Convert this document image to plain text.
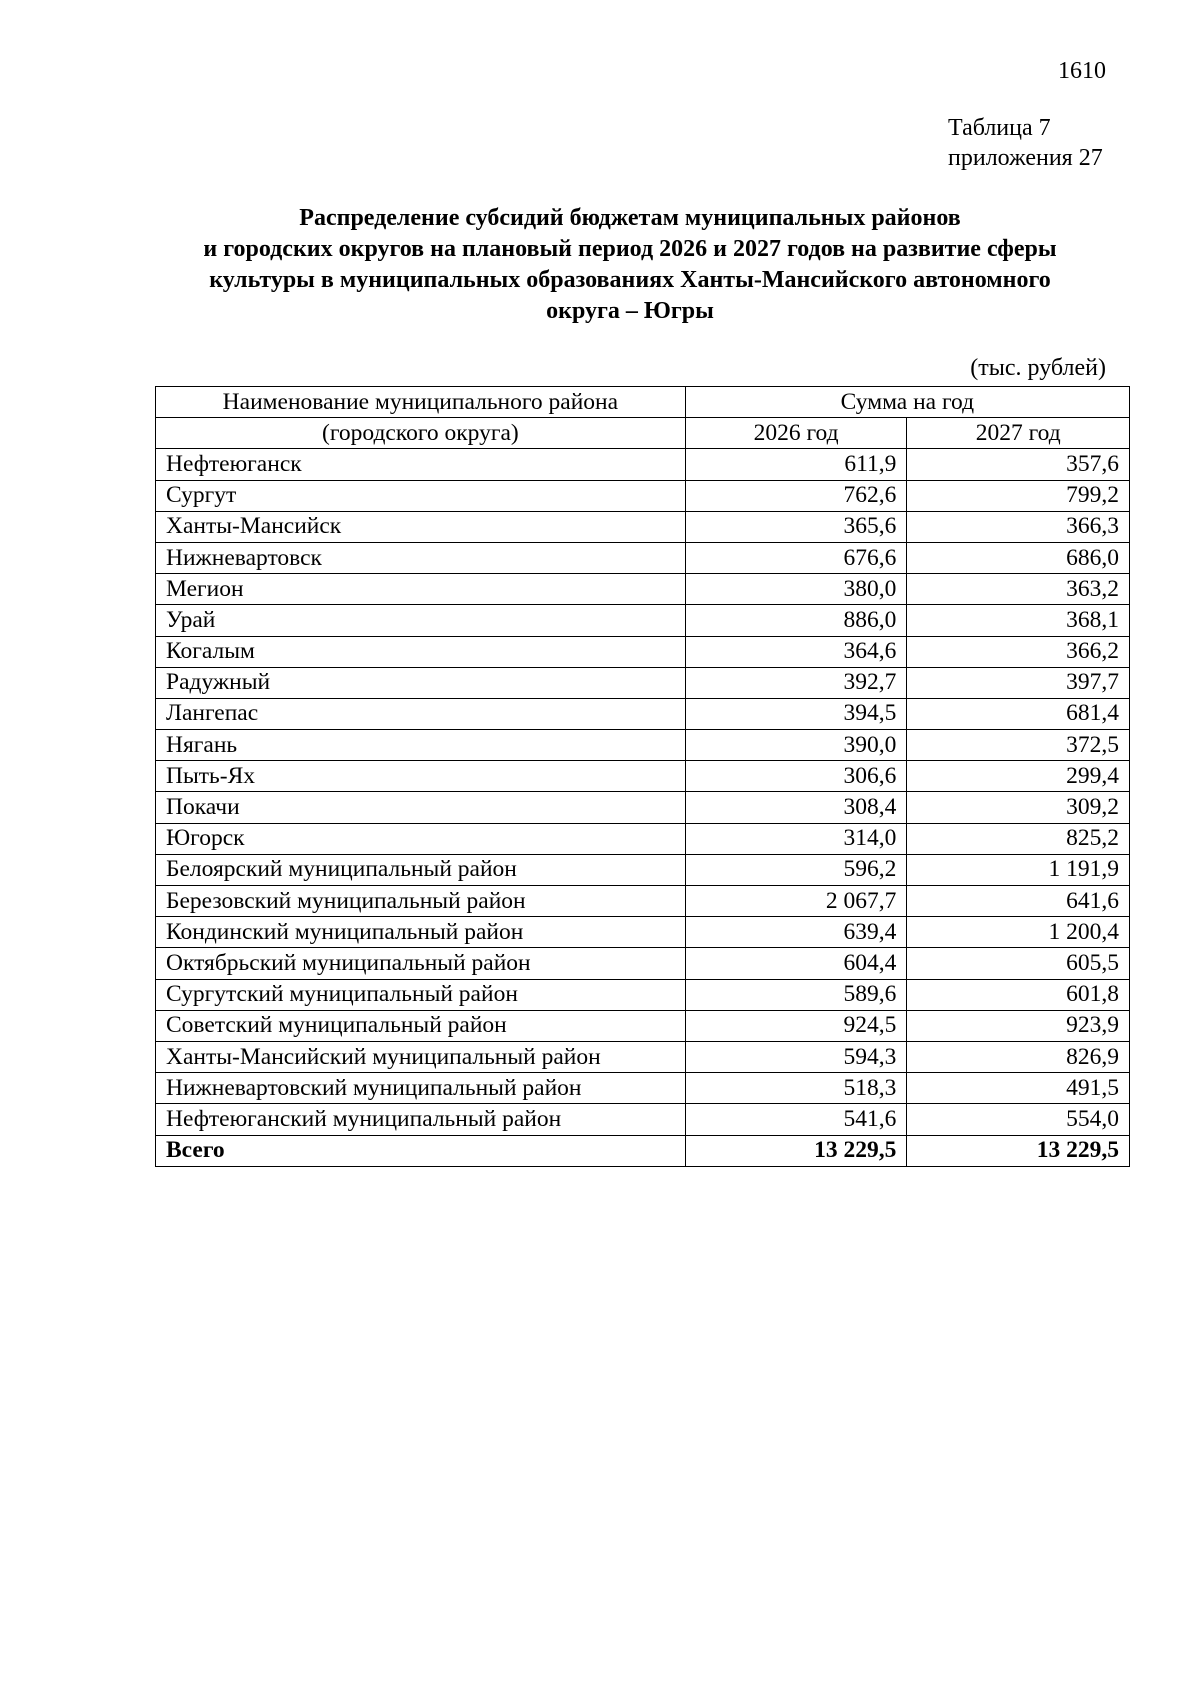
1610
Таблица 7
приложения 27
Распределение субсидий бюджетам муниципальных районов
и городских округов на плановый период 2026 и 2027 годов на развитие сферы
культуры в муниципальных образованиях Ханты-Мансийского автономного
округа – Югры
(тыс. рублей)
Наименование муниципального района	Сумма на год	
(городского округа)	2026 год	2027 год
Нефтеюганск	611,9	357,6
Сургут	762,6	799,2
Ханты-Мансийск	365,6	366,3
Нижневартовск	676,6	686,0
Мегион	380,0	363,2
Урай	886,0	368,1
Когалым	364,6	366,2
Радужный	392,7	397,7
Лангепас	394,5	681,4
Нягань	390,0	372,5
Пыть-Ях	306,6	299,4
Покачи	308,4	309,2
Югорск	314,0	825,2
Белоярский муниципальный район	596,2	1 191,9
Березовский муниципальный район	2 067,7	641,6
Кондинский муниципальный район	639,4	1 200,4
Октябрьский муниципальный район	604,4	605,5
Сургутский муниципальный район	589,6	601,8
Советский муниципальный район	924,5	923,9
Ханты-Мансийский муниципальный район	594,3	826,9
Нижневартовский муниципальный район	518,3	491,5
Нефтеюганский муниципальный район	541,6	554,0
Всего	13 229,5	13 229,5
